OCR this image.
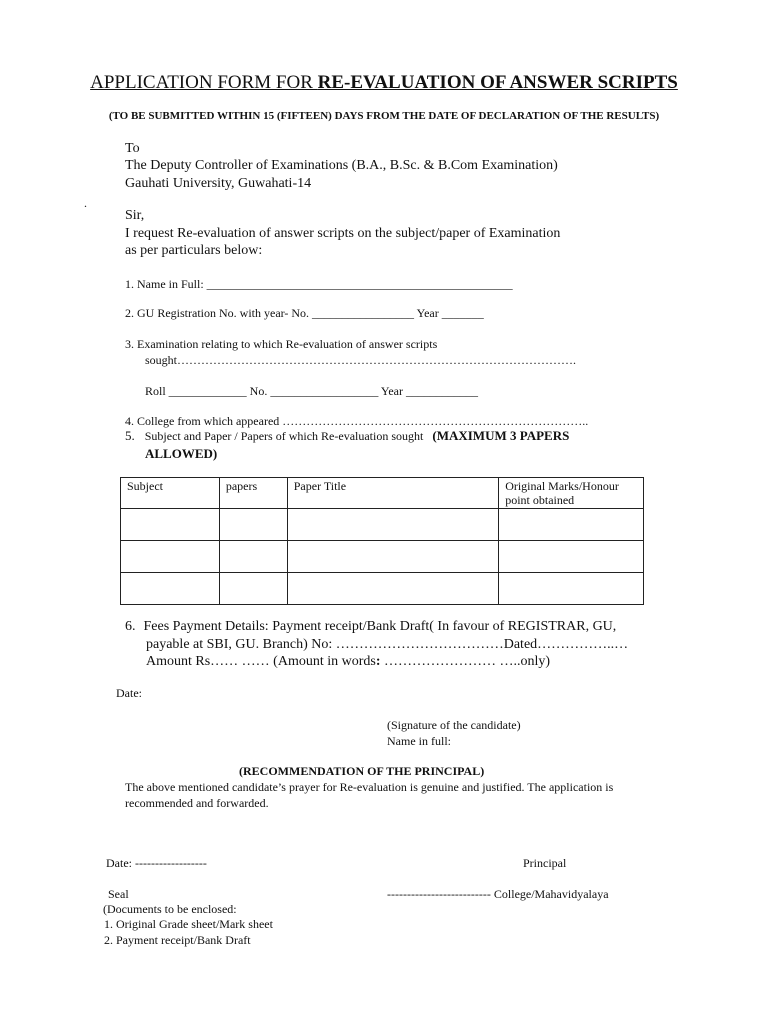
APPLICATION FORM FOR RE-EVALUATION OF ANSWER SCRIPTS
(TO BE SUBMITTED WITHIN 15 (FIFTEEN) DAYS FROM THE DATE OF DECLARATION OF THE RESULTS)
To
The Deputy Controller of Examinations (B.A., B.Sc. & B.Com Examination)
Gauhati University, Guwahati-14
.
Sir,
I request Re-evaluation of answer scripts on the subject/paper of Examination
as per particulars below:
1. Name in Full: ___________________________________________________
2. GU Registration No. with year- No. _________________ Year _______
3. Examination relating to which Re-evaluation of answer scripts
sought……………………………………………………………………………………….
Roll _____________ No. __________________ Year ____________
4. College from which appeared …………………………………………………………………..
5. Subject and Paper / Papers of which Re-evaluation sought (MAXIMUM 3 PAPERS
ALLOWED)
Subject	papers	Paper Title	Original Marks/Honour point obtained

6. Fees Payment Details: Payment receipt/Bank Draft( In favour of REGISTRAR, GU,
payable at SBI, GU. Branch) No: ………………………………Dated……………..…
Amount Rs…… …… (Amount in words: …………………… …..only)
Date:
(Signature of the candidate)
Name in full:
(RECOMMENDATION OF THE PRINCIPAL)
The above mentioned candidate’s prayer for Re-evaluation is genuine and justified. The application is
recommended and forwarded.
Date: ------------------	Principal
Seal	-------------------------- College/Mahavidyalaya
(Documents to be enclosed:
1. Original Grade sheet/Mark sheet
2. Payment receipt/Bank Draft
